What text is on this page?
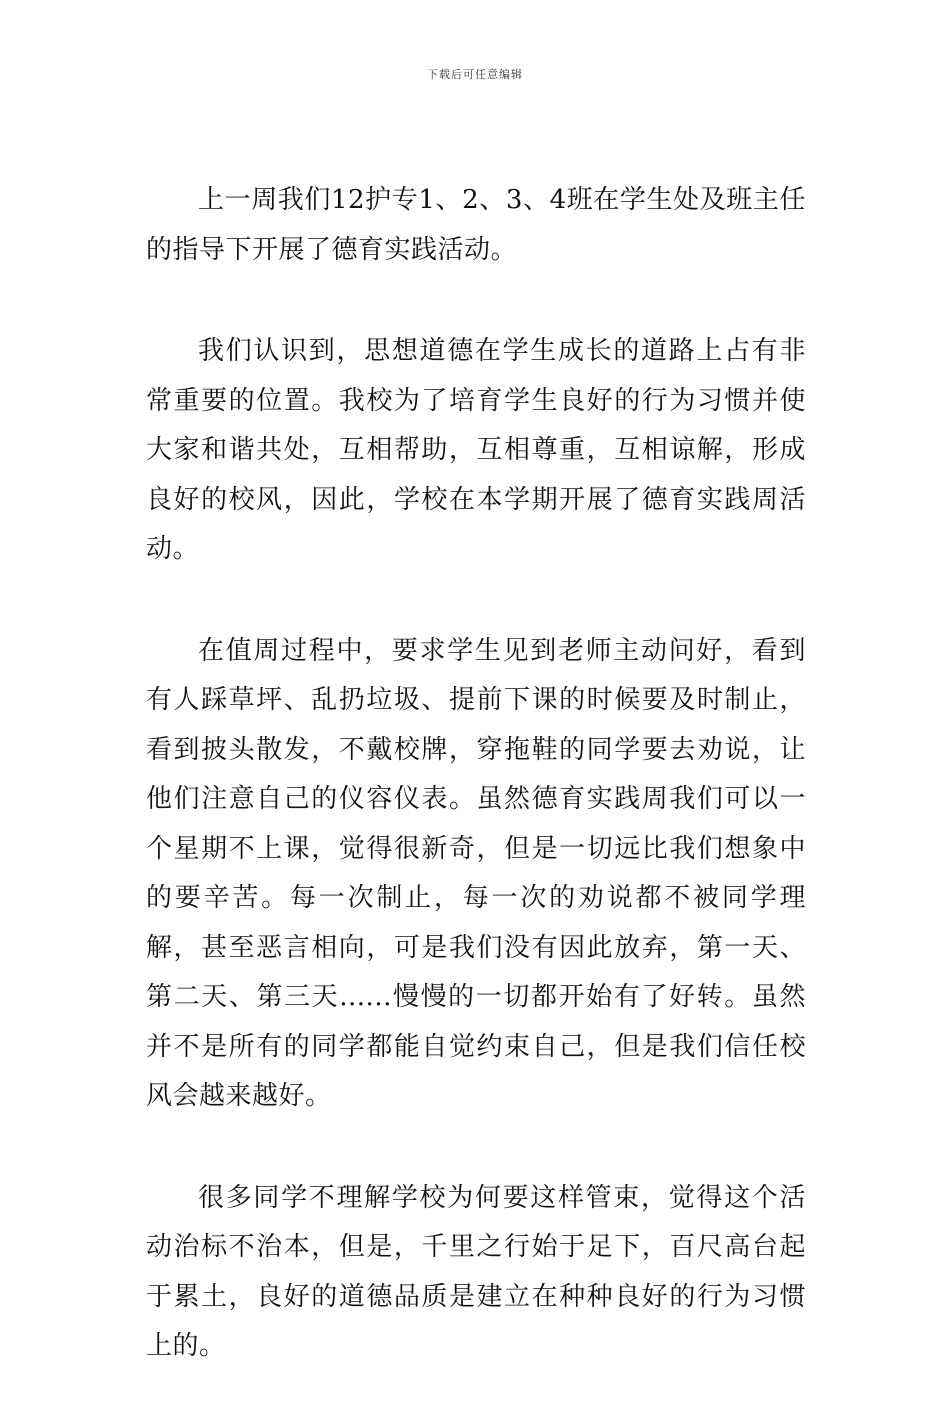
下载后可任意编辑

上一周我们12护专1、2、3、4班在学生处及班主任的指导下开展了德育实践活动。

我们认识到，思想道德在学生成长的道路上占有非常重要的位置。我校为了培育学生良好的行为习惯并使大家和谐共处，互相帮助，互相尊重，互相谅解，形成良好的校风，因此，学校在本学期开展了德育实践周活动。

在值周过程中，要求学生见到老师主动问好，看到有人踩草坪、乱扔垃圾、提前下课的时候要及时制止，看到披头散发，不戴校牌，穿拖鞋的同学要去劝说，让他们注意自己的仪容仪表。虽然德育实践周我们可以一个星期不上课，觉得很新奇，但是一切远比我们想象中的要辛苦。每一次制止，每一次的劝说都不被同学理解，甚至恶言相向，可是我们没有因此放弃，第一天、第二天、第三天......慢慢的一切都开始有了好转。虽然并不是所有的同学都能自觉约束自己，但是我们信任校风会越来越好。

很多同学不理解学校为何要这样管束，觉得这个活动治标不治本，但是，千里之行始于足下，百尺高台起于累土，良好的道德品质是建立在种种良好的行为习惯上的。
